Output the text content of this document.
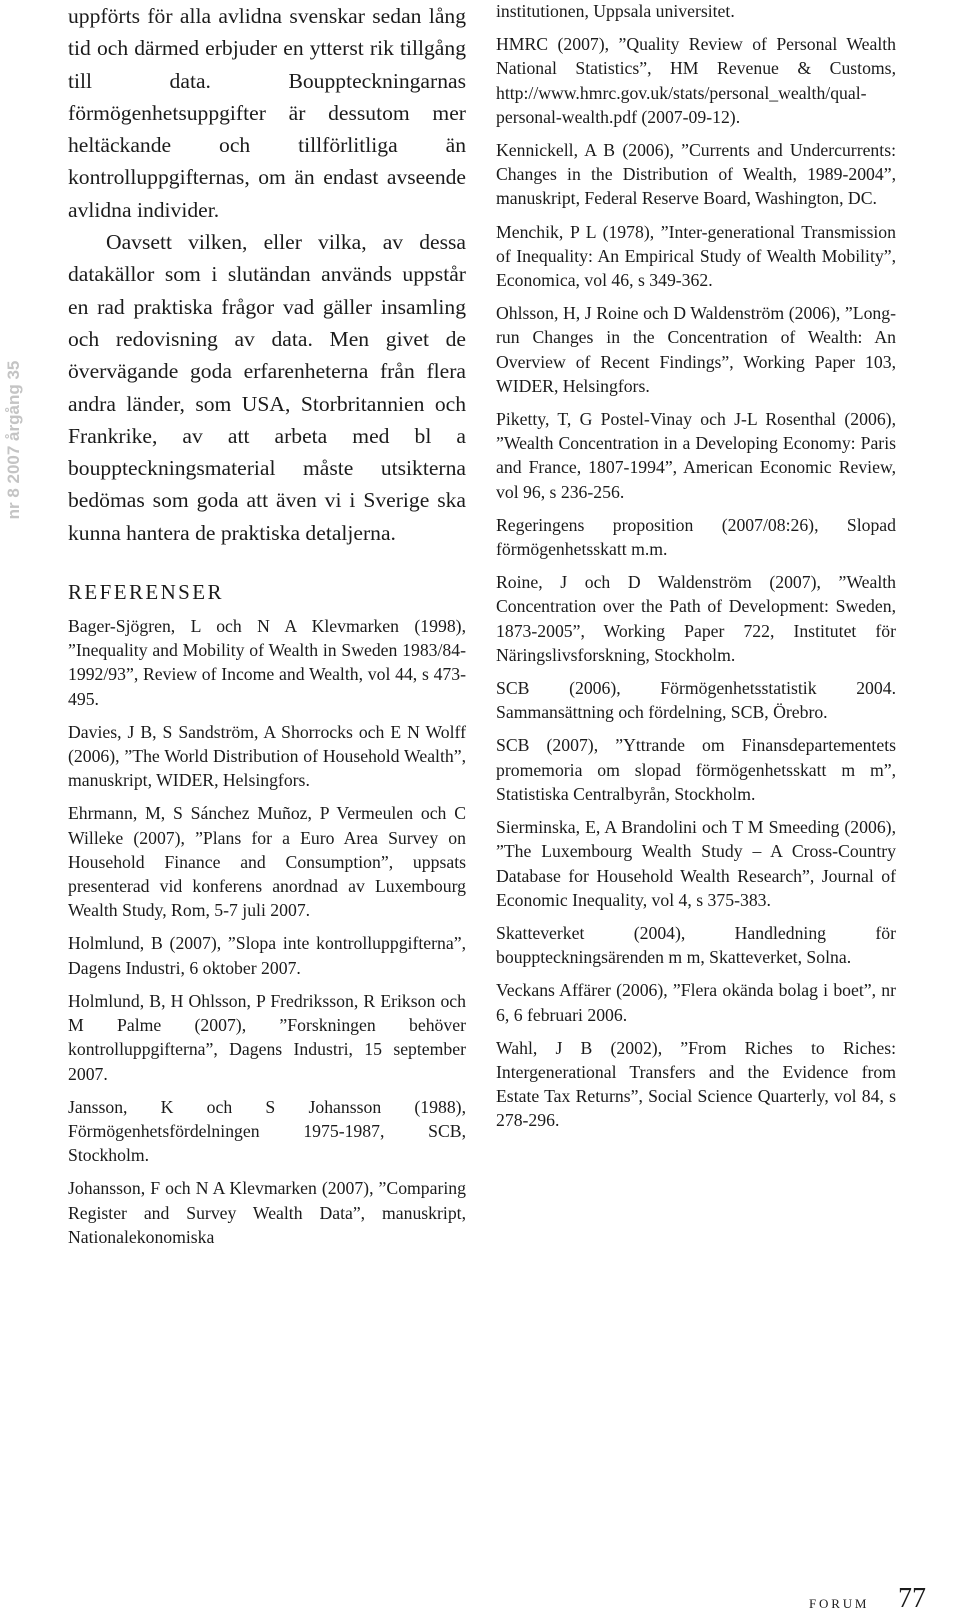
nr 8 2007 årgång 35

uppförts för alla avlidna svenskar sedan lång tid och därmed erbjuder en ytterst rik tillgång till data. Bouppteckningarnas förmögenhetsuppgifter är dessutom mer heltäckande och tillförlitliga än kontrolluppgifternas, om än endast avseende avlidna individer.

Oavsett vilken, eller vilka, av dessa datakällor som i slutändan används uppstår en rad praktiska frågor vad gäller insamling och redovisning av data. Men givet de övervägande goda erfarenheterna från flera andra länder, som USA, Storbritannien och Frankrike, av att arbeta med bl a bouppteckningsmaterial måste utsikterna bedömas som goda att även vi i Sverige ska kunna hantera de praktiska detaljerna.

REFERENSER

Bager-Sjögren, L och N A Klevmarken (1998), ”Inequality and Mobility of Wealth in Sweden 1983/84-1992/93”, Review of Income and Wealth, vol 44, s 473-495.

Davies, J B, S Sandström, A Shorrocks och E N Wolff (2006), ”The World Distribution of Household Wealth”, manuskript, WIDER, Helsingfors.

Ehrmann, M, S Sánchez Muñoz, P Vermeulen och C Willeke (2007), ”Plans for a Euro Area Survey on Household Finance and Consumption”, uppsats presenterad vid konferens anordnad av Luxembourg Wealth Study, Rom, 5-7 juli 2007.

Holmlund, B (2007), ”Slopa inte kontrolluppgifterna”, Dagens Industri, 6 oktober 2007.

Holmlund, B, H Ohlsson, P Fredriksson, R Erikson och M Palme (2007), ”Forskningen behöver kontrolluppgifterna”, Dagens Industri, 15 september 2007.

Jansson, K och S Johansson (1988), Förmögenhetsfördelningen 1975-1987, SCB, Stockholm.

Johansson, F och N A Klevmarken (2007), ”Comparing Register and Survey Wealth Data”, manuskript, Nationalekonomiska

institutionen, Uppsala universitet.

HMRC (2007), ”Quality Review of Personal Wealth National Statistics”, HM Revenue & Customs, http://www.hmrc.gov.uk/stats/personal_wealth/qual-personal-wealth.pdf (2007-09-12).

Kennickell, A B (2006), ”Currents and Undercurrents: Changes in the Distribution of Wealth, 1989-2004”, manuskript, Federal Reserve Board, Washington, DC.

Menchik, P L (1978), ”Inter-generational Transmission of Inequality: An Empirical Study of Wealth Mobility”, Economica, vol 46, s 349-362.

Ohlsson, H, J Roine och D Waldenström (2006), ”Long-run Changes in the Concentration of Wealth: An Overview of Recent Findings”, Working Paper 103, WIDER, Helsingfors.

Piketty, T, G Postel-Vinay och J-L Rosenthal (2006), ”Wealth Concentration in a Developing Economy: Paris and France, 1807-1994”, American Economic Review, vol 96, s 236-256.

Regeringens proposition (2007/08:26), Slopad förmögenhetsskatt m.m.

Roine, J och D Waldenström (2007), ”Wealth Concentration over the Path of Development: Sweden, 1873-2005”, Working Paper 722, Institutet för Näringslivsforskning, Stockholm.

SCB (2006), Förmögenhetsstatistik 2004. Sammansättning och fördelning, SCB, Örebro.

SCB (2007), ”Yttrande om Finansdepartementets promemoria om slopad förmögenhetsskatt m m”, Statistiska Centralbyrån, Stockholm.

Sierminska, E, A Brandolini och T M Smeeding (2006), ”The Luxembourg Wealth Study – A Cross-Country Database for Household Wealth Research”, Journal of Economic Inequality, vol 4, s 375-383.

Skatteverket (2004), Handledning för bouppteckningsärenden m m, Skatteverket, Solna.

Veckans Affärer (2006), ”Flera okända bolag i boet”, nr 6, 6 februari 2006.

Wahl, J B (2002), ”From Riches to Riches: Intergenerational Transfers and the Evidence from Estate Tax Returns”, Social Science Quarterly, vol 84, s 278-296.

FORUM 77
